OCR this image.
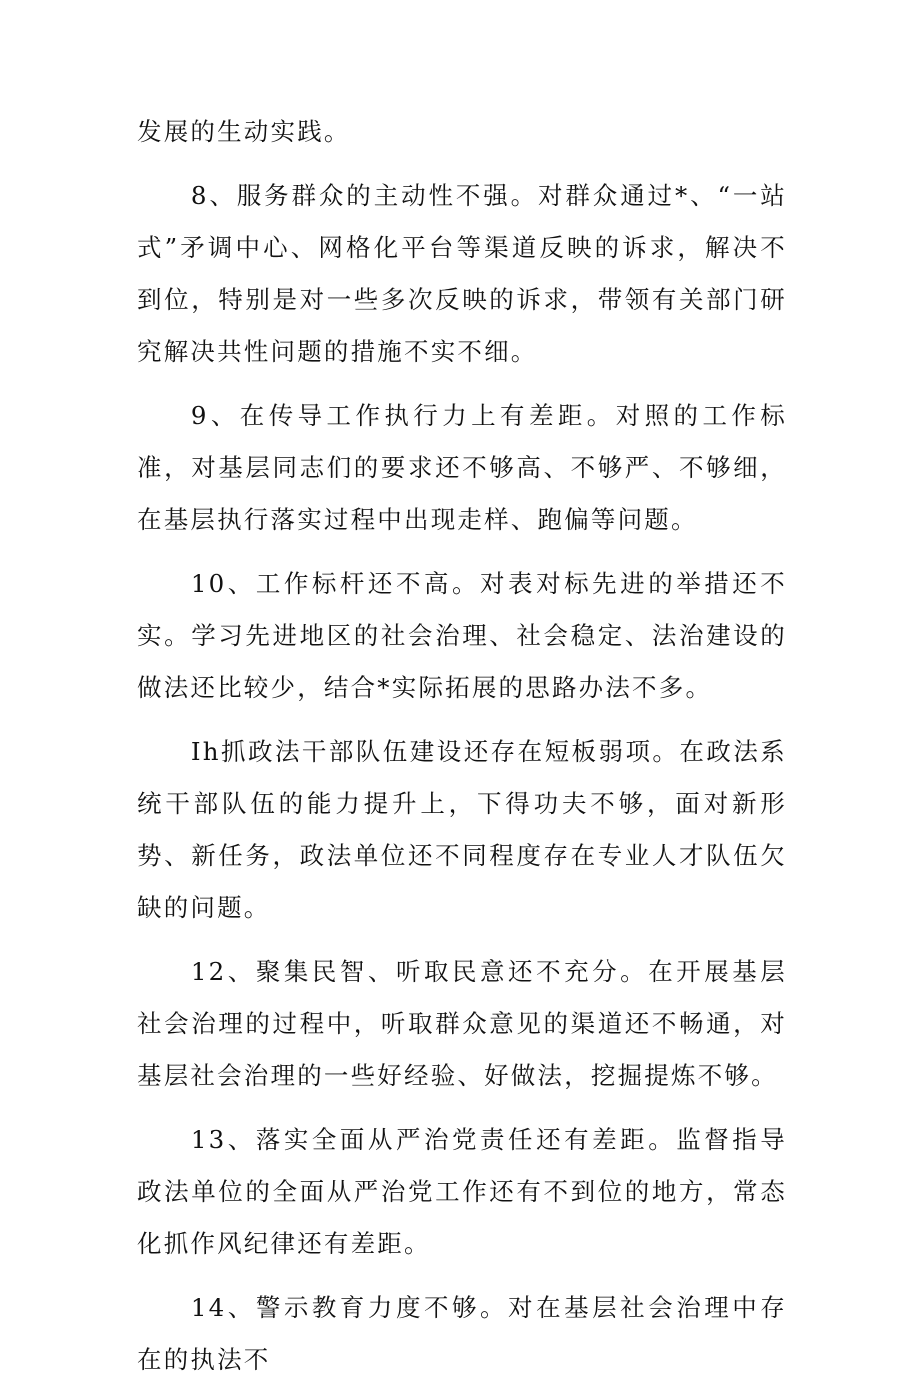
发展的生动实践。

8、服务群众的主动性不强。对群众通过*、“一站式”矛调中心、网格化平台等渠道反映的诉求，解决不到位，特别是对一些多次反映的诉求，带领有关部门研究解决共性问题的措施不实不细。

9、在传导工作执行力上有差距。对照的工作标准，对基层同志们的要求还不够高、不够严、不够细，在基层执行落实过程中出现走样、跑偏等问题。

10、工作标杆还不高。对表对标先进的举措还不实。学习先进地区的社会治理、社会稳定、法治建设的做法还比较少，结合*实际拓展的思路办法不多。

Ih抓政法干部队伍建设还存在短板弱项。在政法系统干部队伍的能力提升上，下得功夫不够，面对新形势、新任务，政法单位还不同程度存在专业人才队伍欠缺的问题。

12、聚集民智、听取民意还不充分。在开展基层社会治理的过程中，听取群众意见的渠道还不畅通，对基层社会治理的一些好经验、好做法，挖掘提炼不够。

13、落实全面从严治党责任还有差距。监督指导政法单位的全面从严治党工作还有不到位的地方，常态化抓作风纪律还有差距。

14、警示教育力度不够。对在基层社会治理中存在的执法不
